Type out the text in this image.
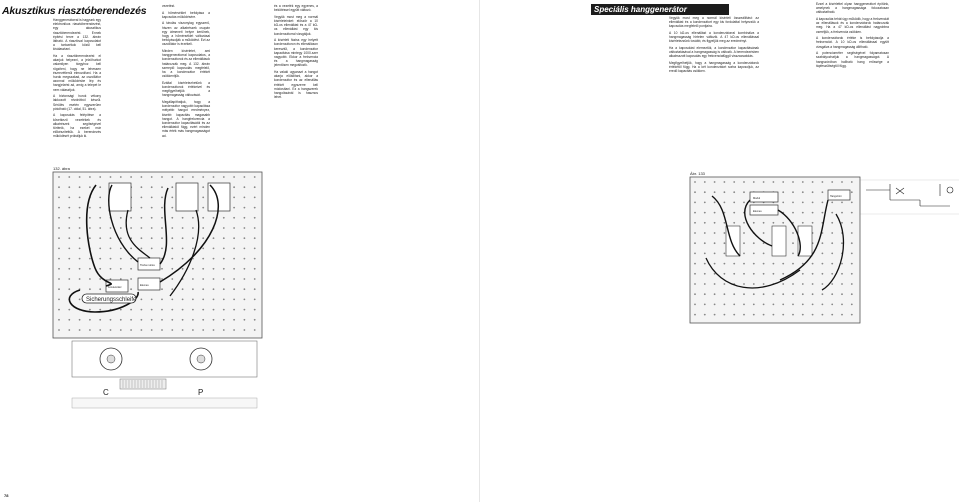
Akusztikus riasztóberendezés

Hanggenerátorral is hagyunk egy elektronikus riasztóberendezést, egy akusztikus riasztóberendezést. Ennek építési terve a 132. ábrán látható. A riasztóval kapcsolatot a tartozékok közül kell kiválasztani.

Ha a riasztóberendezést el akarjuk helyezni, a jelzőhurkot valamilyen tárgyhoz kell rögzíteni, hogy ne lehessen észrevétlenül elmozdítani. Ha a hurok megszakad, az oszcillátor azonnal működésbe lép és hangjelzést ad, amíg a telepet le nem választjuk.

A biztonsági hurok vékony lakkozott rézdrótból készül. Sérülés esetén egyszerűen pótolható (17. oldal, 51. ábra).

A kapcsolás felépítése a következő vezetékek és alkatrészek segítségével történik, ha ezeket már előkészítettük. A berendezés működését próbáljuk ki.

vezetést.

A hőmérséklet befolyása a kapcsolás működésére.

A tárolás viszonylag egyszerű, hiszen az alkatrészek csupán egy átmeneti helyre kerülnek, hogy a hőmérséklet változásai befolyásolják a működést. Ezt az oszcillátor is érzékeli.

Minden kísérletet, ami hanggenerátorral kapcsolatos, a kondenzátorok és az ellenállások határozzák meg. A 132. ábrán szereplő kapcsolás megfelelő, ha a kondenzátor értékét csökkentjük.

Ezáltal kísérletezhetünk a kondenzátorok értékeivel és megfigyelhetjük a hangmagasság változását.

Megállapíthatjuk, hogy a kondenzátor nagyobb kapacitása mélyebb hangot eredményez, kisebb kapacitás magasabb hangot. A hangfrekvencia a kondenzátor kapacitásától és az ellenállástól függ, ezért minden más érték más hangmagasságot ad.

és a vezeték egy egyenes, a bekötéssel együtt változó.

Vegyük most meg a normál kísérleteinket: először a 10 kΩ-os ellenállást és a 47 kΩ-os ellenállást egy kis kondenzátorral vizsgáljuk.

A kísérleti fáziss egy helyett kondenzátoron és ellenálláson keresztül, a kondenzátor kapacitása mintegy 1000-szer nagyobb. Ekkor a frekvencia és a hangmagasság jelentősen megváltozik.

Ha valaki ugyanazt a hangot akarja előállítani, akkor a kondenzátor és az ellenállás értékét egyszerre kell módosítani. Ez a hangszerek hangolásánál is hasznos lehet.

132. ábra
Tiszta mérés
Elemes
Kondenzátor
Sicherungsschleife
C	P
78
Speciális hanggenerátor (oszcillátor)	Vegyük most meg a normál kísérleti összeállítást: az ellenállást és a kondenzátort egy kis fordulattal helyezzük a kapcsolás megfelelő pontjaira.

A 10 kΩ-os ellenállást a kondenzátorral kombinálva a hangmagasság hirtelen változik. A 47 kΩ-os ellenállással kísérletezzünk tovább, és figyeljük meg az eredményt.

Ha a kapcsolást elemeztük, a kondenzátor kapacitásának változtatásával a hangmagasság is változik. A berendezésben alkalmazott kapcsolás egy frekvenciafüggő visszacsatolás.

Megfigyelhetjük, hogy a hangmagasság a kondenzátorok értékétől függ. Ha a két kondenzátort sorba kapcsoljuk, az eredő kapacitás csökken.

Ezzel a kísérlettel olyan hanggenerátort építünk, amelynek a hangmagassága fokozatosan változtatható.

A kapcsolás tehát úgy működik, hogy a frekvenciát az ellenállások és a kondenzátorok határozzák meg. Ha a 47 kΩ-os ellenállást nagyobbra cseréljük, a frekvencia csökken.

A kondenzátorok értéke is befolyásolja a frekvenciát. A 10 kΩ-os ellenállással együtt vizsgálva a hangmagasság állítható.

A potenciométer segítségével folyamatosan szabályozhatjuk a hangmagasságot. A hangszóróban hallható hang erőssége a tápfeszültségtől függ.

Ábr. 133
Modul
Elemes
Hangszóró
